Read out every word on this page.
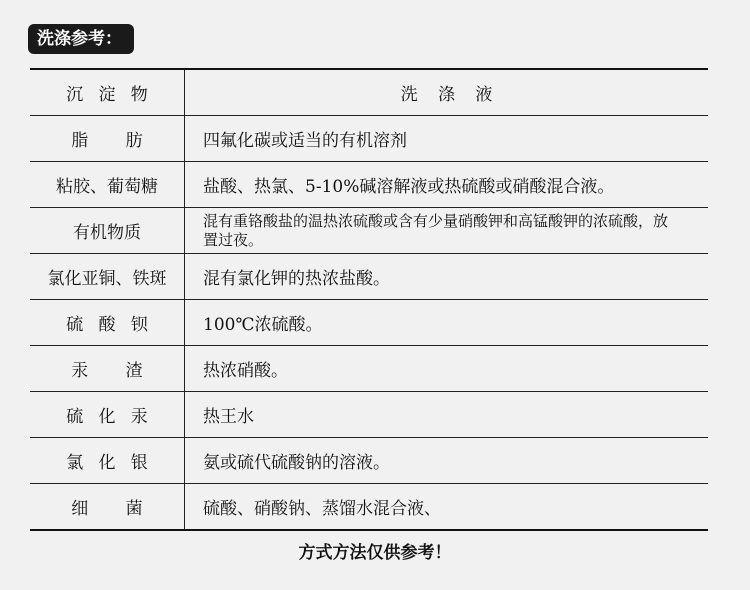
洗涤参考：
沉淀物	洗涤液
脂肪	四氟化碳或适当的有机溶剂
粘胶、葡萄糖	盐酸、热氯、5-10%碱溶解液或热硫酸或硝酸混合液。
有机物质	混有重铬酸盐的温热浓硫酸或含有少量硝酸钾和高锰酸钾的浓硫酸，放置过夜。
氯化亚铜、铁斑	混有氯化钾的热浓盐酸。
硫酸钡	100℃浓硫酸。
汞渣	热浓硝酸。
硫化汞	热王水
氯化银	氨或硫代硫酸钠的溶液。
细菌	硫酸、硝酸钠、蒸馏水混合液、
方式方法仅供参考！
